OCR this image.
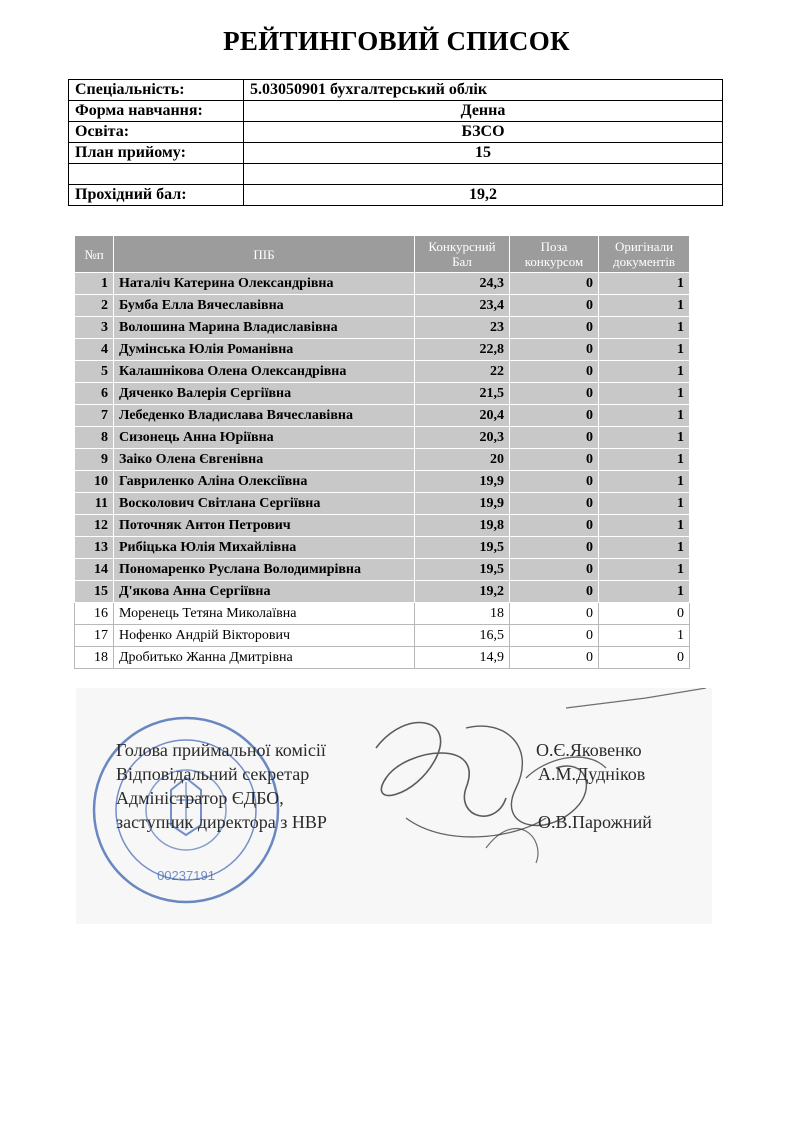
РЕЙТИНГОВИЙ СПИСОК
Спеціальність:	5.03050901 бухгалтерський облік
Форма навчання:	Денна
Освіта:	БЗСО
План прийому:	15

Прохідний бал:	19,2
№п	ПІБ	Конкурсний Бал	Поза конкурсом	Оригінали документів
1	Наталіч Катерина Олександрівна	24,3	0	1
2	Бумба Елла Вячеславівна	23,4	0	1
3	Волошина Марина Владиславівна	23	0	1
4	Думінська Юлія Романівна	22,8	0	1
5	Калашнікова Олена Олександрівна	22	0	1
6	Дяченко Валерія Сергіївна	21,5	0	1
7	Лебеденко Владислава Вячеславівна	20,4	0	1
8	Сизонець Анна Юріївна	20,3	0	1
9	Заіко Олена Євгенівна	20	0	1
10	Гавриленко Аліна Олексіївна	19,9	0	1
11	Восколович Світлана Сергіївна	19,9	0	1
12	Поточняк Антон Петрович	19,8	0	1
13	Рибіцька Юлія Михайлівна	19,5	0	1
14	Пономаренко Руслана Володимирівна	19,5	0	1
15	Д'якова Анна Сергіївна	19,2	0	1
16	Моренець Тетяна Миколаївна	18	0	0
17	Нофенко Андрій Вікторович	16,5	0	1
18	Дробитько Жанна Дмитрівна	14,9	0	0
00237191
Голова приймальної комісії	О.Є.Яковенко
Відповідальний секретар	А.М.Дудніков
Адміністратор ЄДБО,
заступник директора з НВР	О.В.Парожний
